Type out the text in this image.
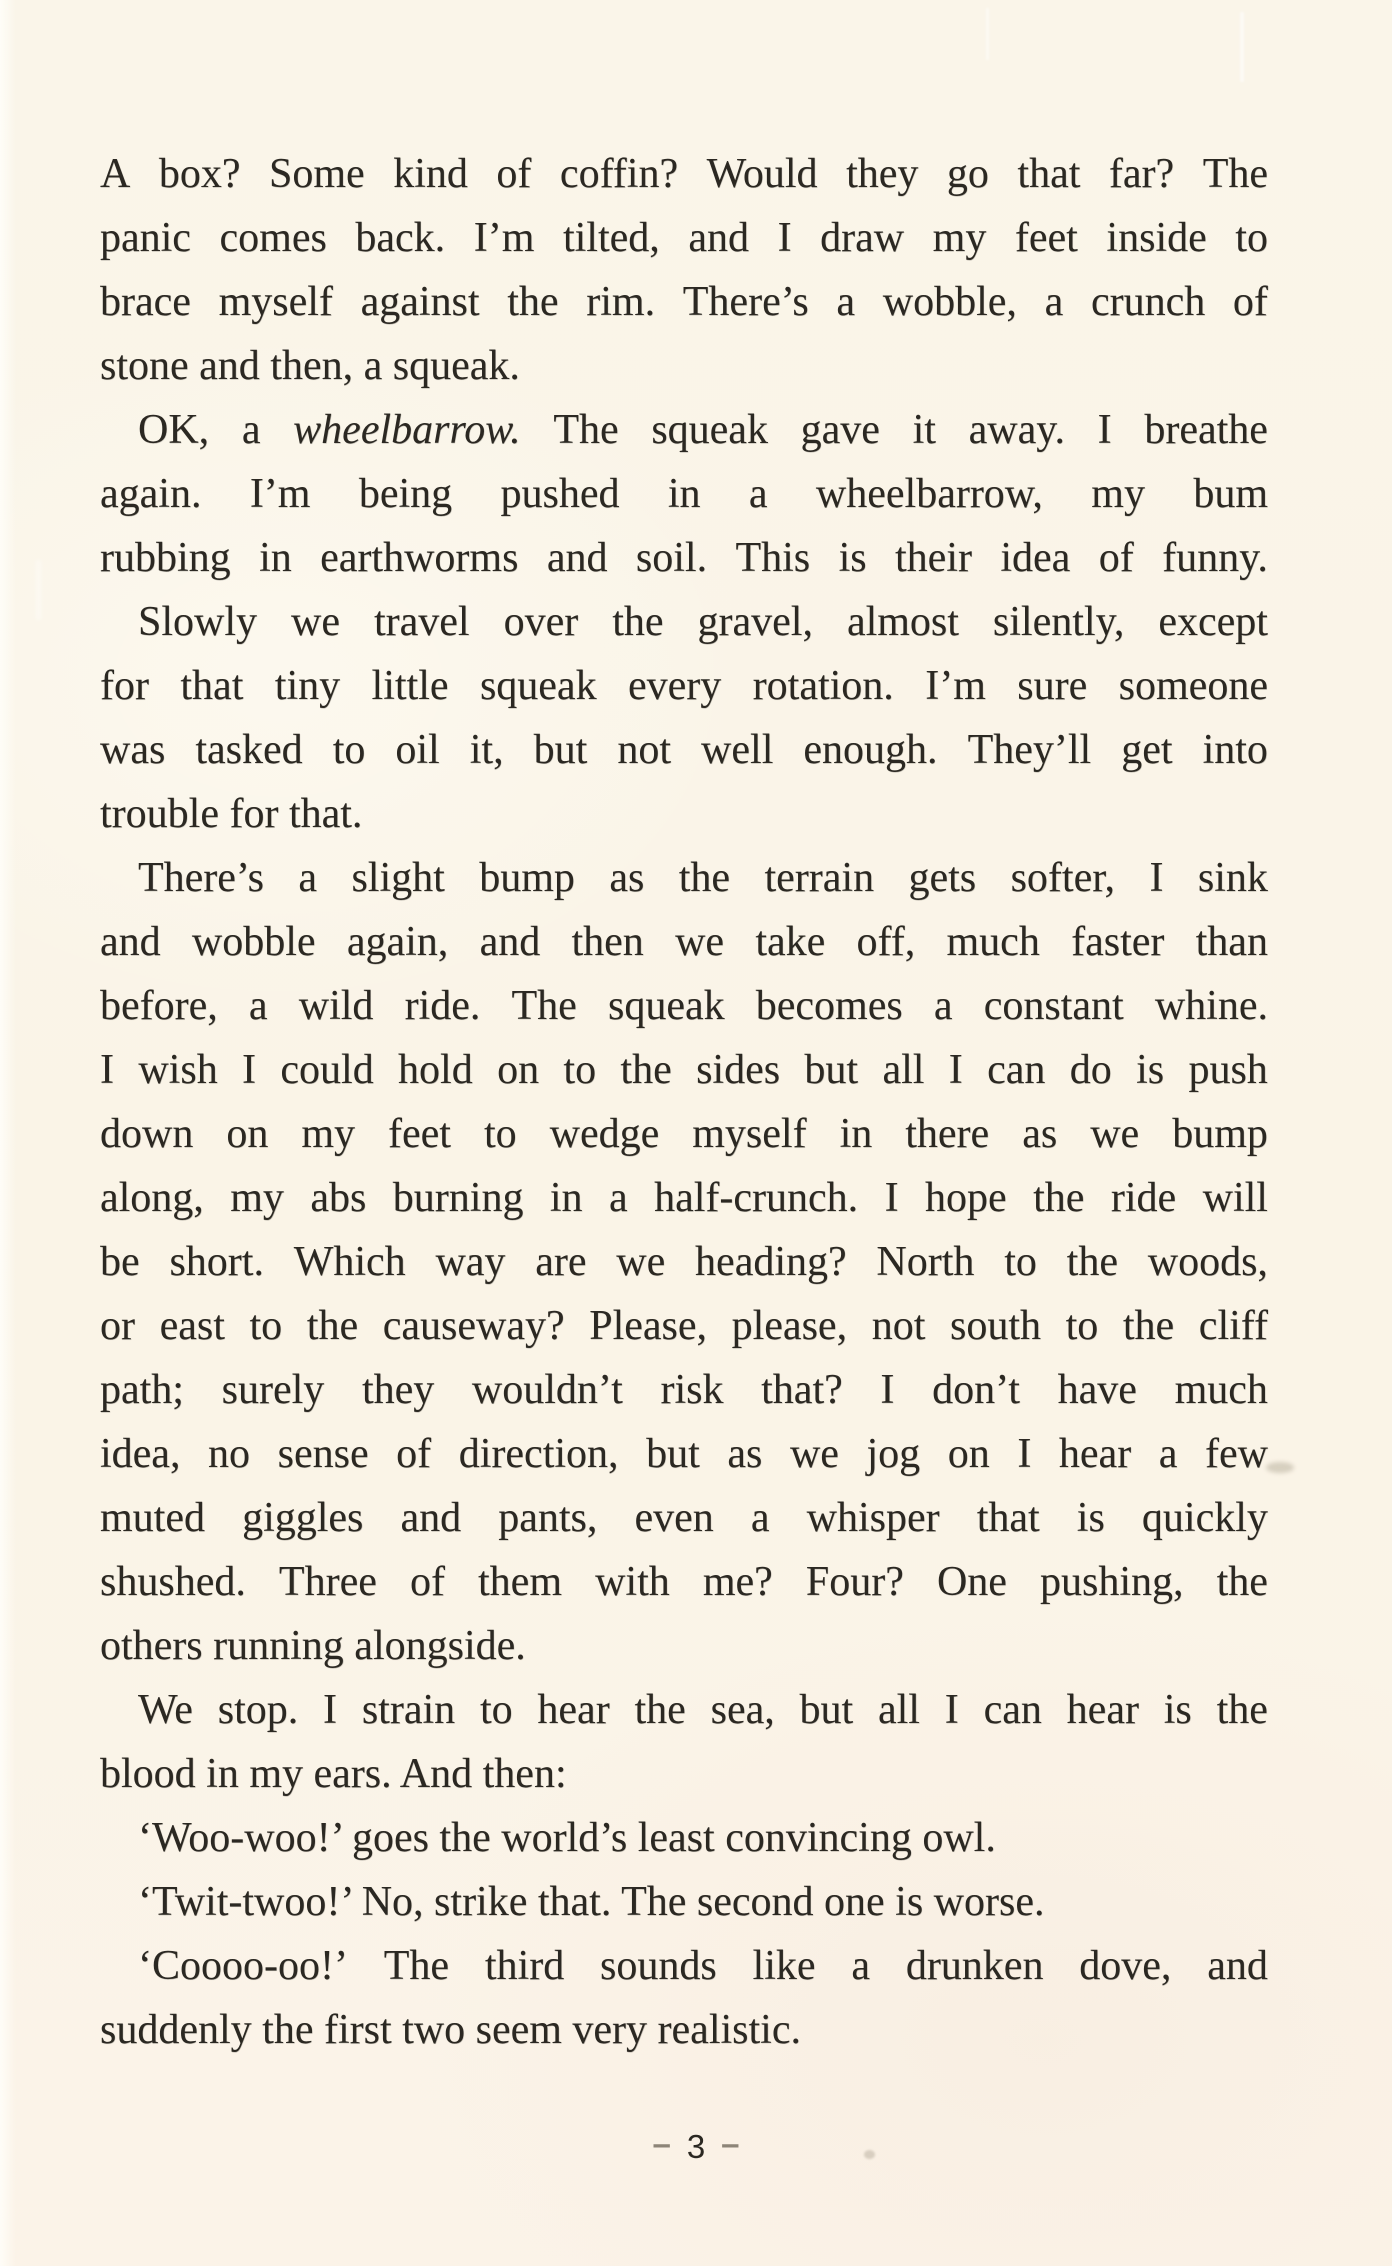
A box? Some kind of coffin? Would they go that far? The
panic comes back. I’m tilted, and I draw my feet inside to
brace myself against the rim. There’s a wobble, a crunch of
stone and then, a squeak.
OK, a wheelbarrow. The squeak gave it away. I breathe
again. I’m being pushed in a wheelbarrow, my bum
rubbing in earthworms and soil. This is their idea of funny.
Slowly we travel over the gravel, almost silently, except
for that tiny little squeak every rotation. I’m sure someone
was tasked to oil it, but not well enough. They’ll get into
trouble for that.
There’s a slight bump as the terrain gets softer, I sink
and wobble again, and then we take off, much faster than
before, a wild ride. The squeak becomes a constant whine.
I wish I could hold on to the sides but all I can do is push
down on my feet to wedge myself in there as we bump
along, my abs burning in a half-crunch. I hope the ride will
be short. Which way are we heading? North to the woods,
or east to the causeway? Please, please, not south to the cliff
path; surely they wouldn’t risk that? I don’t have much
idea, no sense of direction, but as we jog on I hear a few
muted giggles and pants, even a whisper that is quickly
shushed. Three of them with me? Four? One pushing, the
others running alongside.
We stop. I strain to hear the sea, but all I can hear is the
blood in my ears. And then:
‘Woo-woo!’ goes the world’s least convincing owl.
‘Twit-twoo!’ No, strike that. The second one is worse.
‘Coooo-oo!’ The third sounds like a drunken dove, and
suddenly the first two seem very realistic.
– 3 –
